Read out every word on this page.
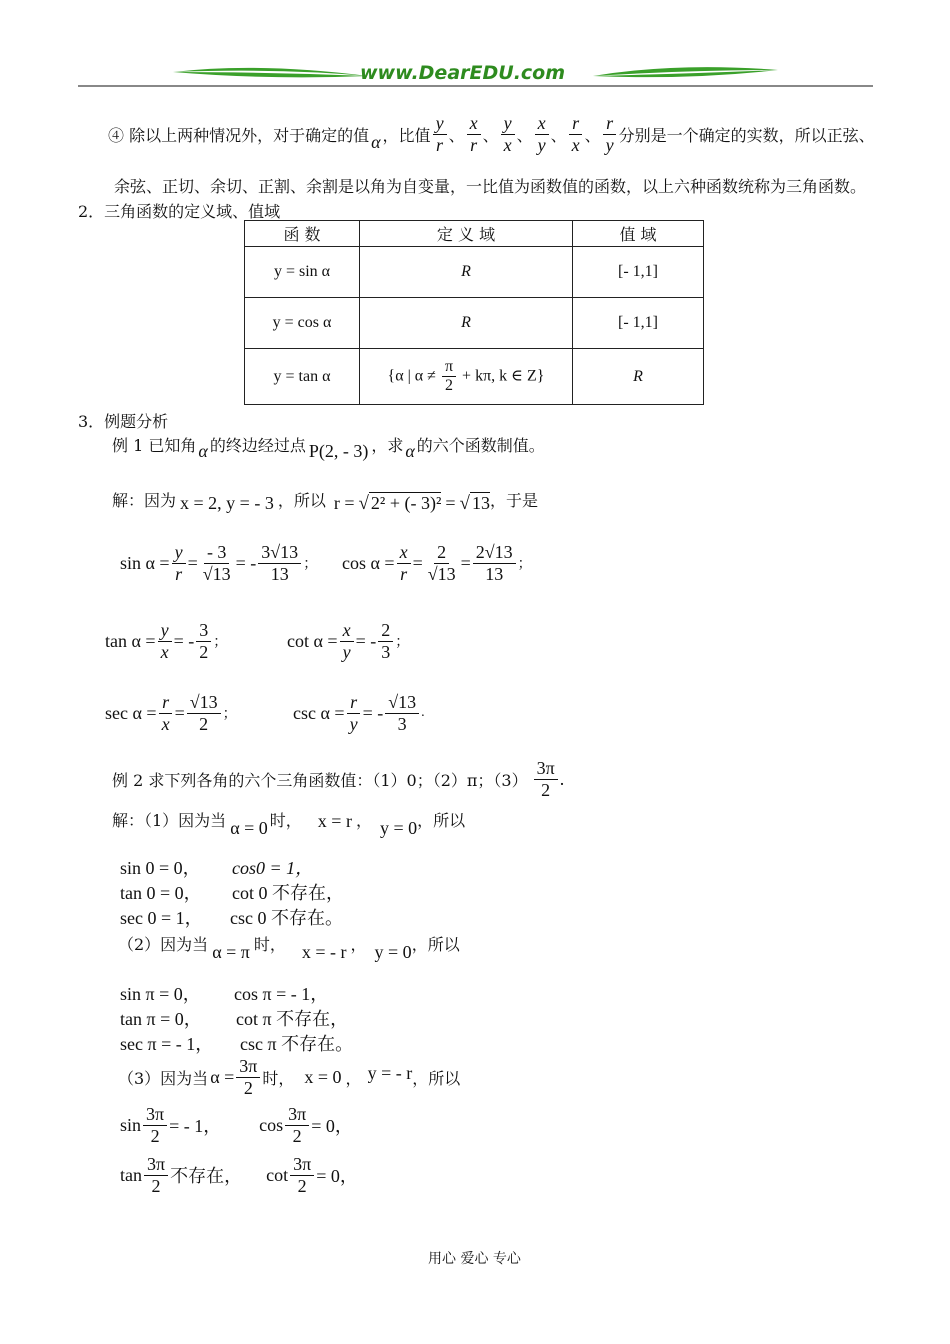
www.DearEDU.com
④ 除以上两种情况外，对于确定的值 α ，比值 $\frac{y}{r}$ 、 $\frac{x}{r}$ 、 $\frac{y}{x}$ 、 $\frac{x}{y}$ 、 $\frac{r}{x}$ 、 $\frac{r}{y}$ 分别是一个确定的实数，所以正弦、
余弦、正切、余切、正割、余割是以角为自变量，一比值为函数值的函数，以上六种函数统称为三角函数。
2．三角函数的定义域、值域
函 数	定 义 域	值 域
y = sin α	R	[- 1,1]
y = cos α	R	[- 1,1]
y = tan α	{α | $\alpha \ne \frac{\pi}{2} + k\pi$, k ∈ Z}	R
3．例题分析
例 1 已知角 α 的终边经过点 P(2, - 3) ，求 α 的六个函数制值。
解：因为 x = 2, y = - 3 ，所以 r = √ 2² + (- 3)² = √ 13 ，于是
$\sin \alpha = \frac{y}{r} = \frac{- 3}{√13}$ = - $\frac{3√13}{13}$ ； $\cos \alpha = \frac{x}{r} = \frac{2}{√13} = \frac{2√13}{13}$ ；
$\tan \alpha = \frac{y}{x}$ = - $\frac{3}{2}$ ；	$\cot \alpha = \frac{x}{y}$ = - $\frac{2}{3}$ ；
$\sec \alpha = \frac{r}{x} = \frac{√13}{2}$ ；	$\csc \alpha = \frac{r}{y}$ = - $\frac{√13}{3}$ .
例 2 求下列各角的六个三角函数值：（1）0；（2）π；$(3) \frac{3\pi}{2}$ .
解：（1）因为当 α = 0 时， x = r ， y = 0 ，所以
sin 0 = 0， cos0 = 1，
tan 0 = 0， cot 0 不存在，
sec 0 = 1， csc 0 不存在。
（2）因为当 α = π 时， x = - r ， y = 0 ，所以
sin π = 0， cos π = - 1，
tan π = 0， cot π 不存在，
sec π = - 1， csc π 不存在。
（3）因为当 $\alpha = \frac{3\pi}{2}$ 时， x = 0 ， y = - r ，所以
$\sin \frac{3\pi}{2}$ = - 1，	$\cos \frac{3\pi}{2} = 0$，
$\tan \frac{3\pi}{2}$ 不存在，	$\cot \frac{3\pi}{2} = 0$，
用心 爱心 专心
